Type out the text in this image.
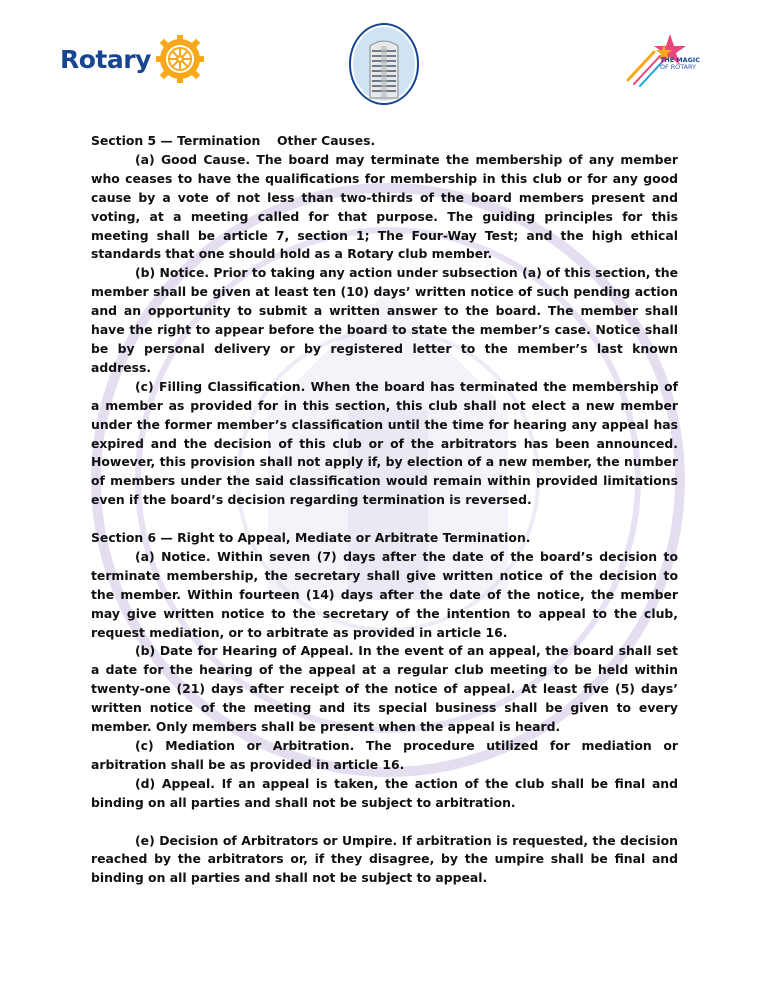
Rotary	THE MAGIC
OF ROTARY

Section 5 — Termination  Other Causes.

(a) Good Cause. The board may terminate the membership of any member who ceases to have the qualifications for membership in this club or for any good cause by a vote of not less than two-thirds of the board members present and voting, at a meeting called for that purpose. The guiding principles for this meeting shall be article 7, section 1; The Four-Way Test; and the high ethical standards that one should hold as a Rotary club member.

(b) Notice. Prior to taking any action under subsection (a) of this section, the member shall be given at least ten (10) days’ written notice of such pending action and an opportunity to submit a written answer to the board. The member shall have the right to appear before the board to state the member’s case. Notice shall be by personal delivery or by registered letter to the member’s last known address.

(c) Filling Classification. When the board has terminated the membership of a member as provided for in this section, this club shall not elect a new member under the former member’s classification until the time for hearing any appeal has expired and the decision of this club or of the arbitrators has been announced. However, this provision shall not apply if, by election of a new member, the number of members under the said classification would remain within provided limitations even if the board’s decision regarding termination is reversed.

Section 6 — Right to Appeal, Mediate or Arbitrate Termination.

(a) Notice. Within seven (7) days after the date of the board’s decision to terminate membership, the secretary shall give written notice of the decision to the member. Within fourteen (14) days after the date of the notice, the member may give written notice to the secretary of the intention to appeal to the club, request mediation, or to arbitrate as provided in article 16.

(b) Date for Hearing of Appeal. In the event of an appeal, the board shall set a date for the hearing of the appeal at a regular club meeting to be held within twenty-one (21) days after receipt of the notice of appeal. At least five (5) days’ written notice of the meeting and its special business shall be given to every member. Only members shall be present when the appeal is heard.

(c) Mediation or Arbitration. The procedure utilized for mediation or arbitration shall be as provided in article 16.

(d) Appeal. If an appeal is taken, the action of the club shall be final and binding on all parties and shall not be subject to arbitration.

(e) Decision of Arbitrators or Umpire. If arbitration is requested, the decision reached by the arbitrators or, if they disagree, by the umpire shall be final and binding on all parties and shall not be subject to appeal.
